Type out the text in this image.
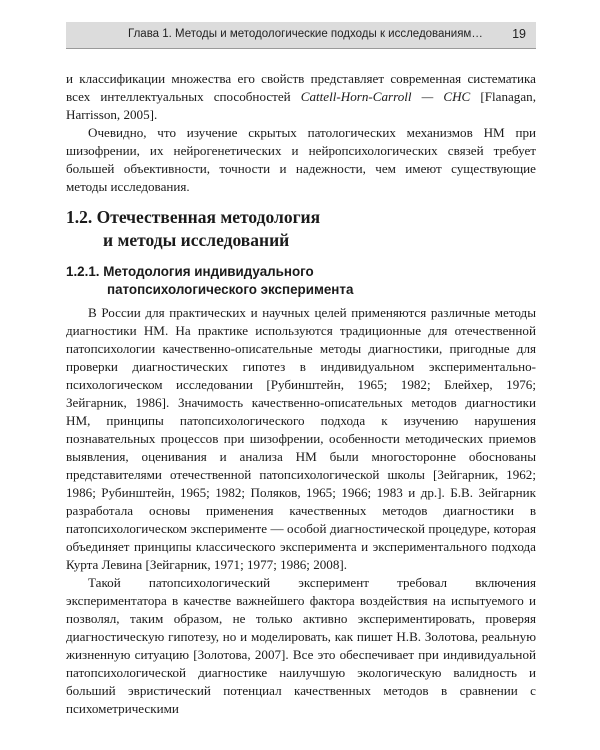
Глава 1. Методы и методологические подходы к исследованиям… 19

и классификации множества его свойств представляет современная систематика всех интеллектуальных способностей Cattell-Horn-Carroll — CHC [Flanagan, Harrisson, 2005].

Очевидно, что изучение скрытых патологических механизмов НМ при шизофрении, их нейрогенетических и нейропсихологических связей требует большей объективности, точности и надежности, чем имеют существующие методы исследования.

1.2. Отечественная методология
и методы исследований
1.2.1. Методология индивидуального
патопсихологического эксперимента

В России для практических и научных целей применяются различные методы диагностики НМ. На практике используются традиционные для отечественной патопсихологии качественно-описательные методы диагностики, пригодные для проверки диагностических гипотез в индивидуальном экспериментально-психологическом исследовании [Рубинштейн, 1965; 1982; Блейхер, 1976; Зейгарник, 1986]. Значимость качественно-описательных методов диагностики НМ, принципы патопсихологического подхода к изучению нарушения познавательных процессов при шизофрении, особенности методических приемов выявления, оценивания и анализа НМ были многосторонне обоснованы представителями отечественной патопсихологической школы [Зейгарник, 1962; 1986; Рубинштейн, 1965; 1982; Поляков, 1965; 1966; 1983 и др.]. Б.В. Зейгарник разработала основы применения качественных методов диагностики в патопсихологическом эксперименте — особой диагностической процедуре, которая объединяет принципы классического эксперимента и экспериментального подхода Курта Левина [Зейгарник, 1971; 1977; 1986; 2008].

Такой патопсихологический эксперимент требовал включения экспериментатора в качестве важнейшего фактора воздействия на испытуемого и позволял, таким образом, не только активно экспериментировать, проверяя диагностическую гипотезу, но и моделировать, как пишет Н.В. Золотова, реальную жизненную ситуацию [Золотова, 2007]. Все это обеспечивает при индивидуальной патопсихологической диагностике наилучшую экологическую валидность и больший эвристический потенциал качественных методов в сравнении с психометрическими
